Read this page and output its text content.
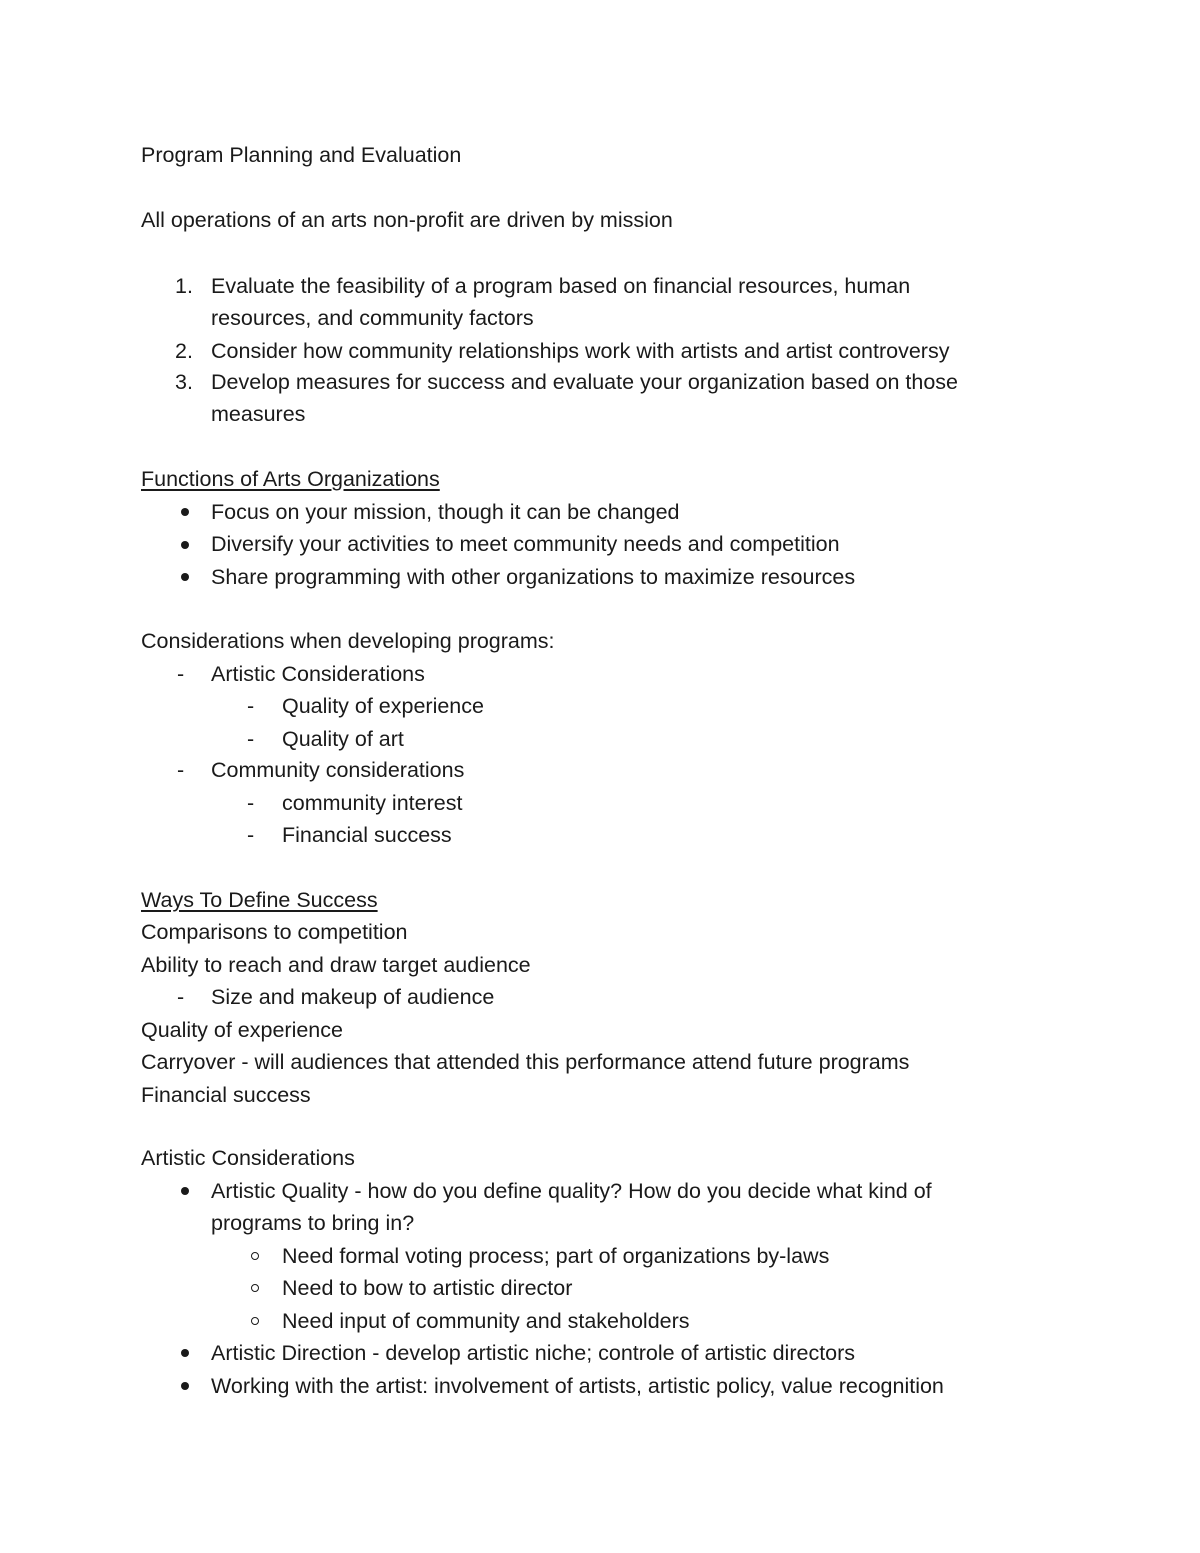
Program Planning and Evaluation
All operations of an arts non-profit are driven by mission
1. Evaluate the feasibility of a program based on financial resources, human
resources, and community factors
2. Consider how community relationships work with artists and artist controversy
3. Develop measures for success and evaluate your organization based on those
measures
Functions of Arts Organizations
Focus on your mission, though it can be changed
Diversify your activities to meet community needs and competition
Share programming with other organizations to maximize resources
Considerations when developing programs:
- Artistic Considerations
- Quality of experience
- Quality of art
- Community considerations
- community interest
- Financial success
Ways To Define Success
Comparisons to competition
Ability to reach and draw target audience
- Size and makeup of audience
Quality of experience
Carryover - will audiences that attended this performance attend future programs
Financial success
Artistic Considerations
Artistic Quality - how do you define quality? How do you decide what kind of
programs to bring in?
Need formal voting process; part of organizations by-laws
Need to bow to artistic director
Need input of community and stakeholders
Artistic Direction - develop artistic niche; controle of artistic directors
Working with the artist: involvement of artists, artistic policy, value recognition
